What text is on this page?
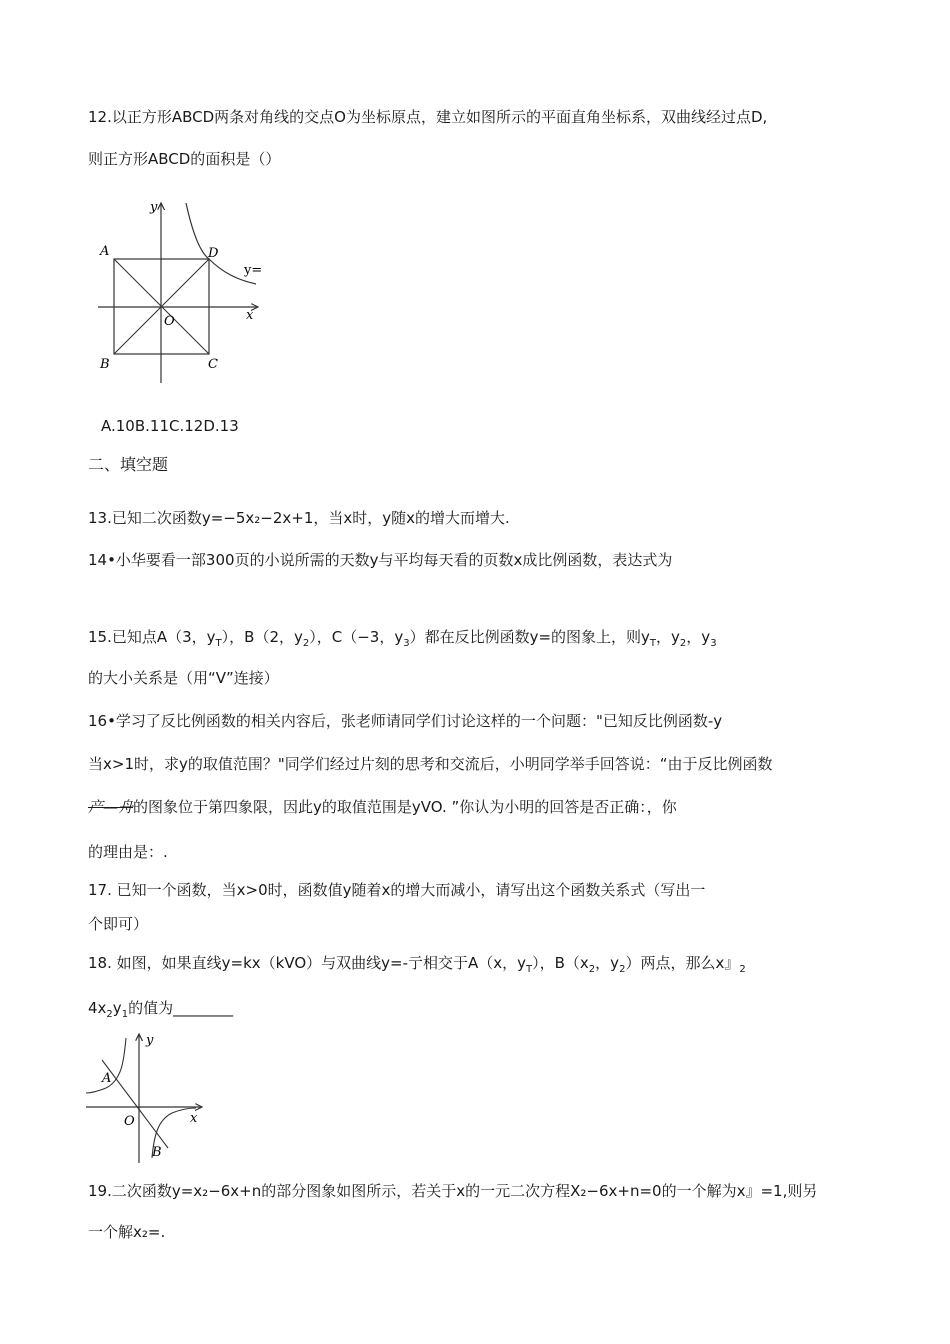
12.以正方形ABCD两条对角线的交点O为坐标原点，建立如图所示的平面直角坐标系，双曲线经过点D,
则正方形ABCD的面积是（）
A
B	C
D
O	x
y
y=
A.10B.11C.12D.13
二、填空题
13.已知二次函数y=−5x₂−2x+1，当x时，y随x的增大而增大.
14•小华要看一部300页的小说所需的天数y与平均每天看的页数x成比例函数，表达式为
15.已知点A（3，$y_T$），B（2，$y_2$），C（−3，$y_3$）都在反比例函数y=的图象上，则$y_T$，$y_2$，$y_3$
的大小关系是（用“V”连接）
16•学习了反比例函数的相关内容后，张老师请同学们讨论这样的一个问题："已知反比例函数-y
当x>1时，求y的取值范围？"同学们经过片刻的思考和交流后，小明同学举手回答说：“由于反比例函数
产—舟的图象位于第四象限，因此y的取值范围是yVO. ”你认为小明的回答是否正确：，你
的理由是：.
17. 已知一个函数，当x>0时，函数值y随着x的增大而减小，请写出这个函数关系式（写出一
个即可）
18. 如图，如果直线y=kx（kVO）与双曲线y=-亍相交于A（x，$y_T$），$B(x_2$，$y_2$）两点，那么x』$_2$
$4x_2y_1$的值为________
A
B
O	x
y
19.二次函数y=x₂−6x+n的部分图象如图所示，若关于x的一元二次方程X₂−6x+n=0的一个解为x』=1,则另
一个解x₂=.
